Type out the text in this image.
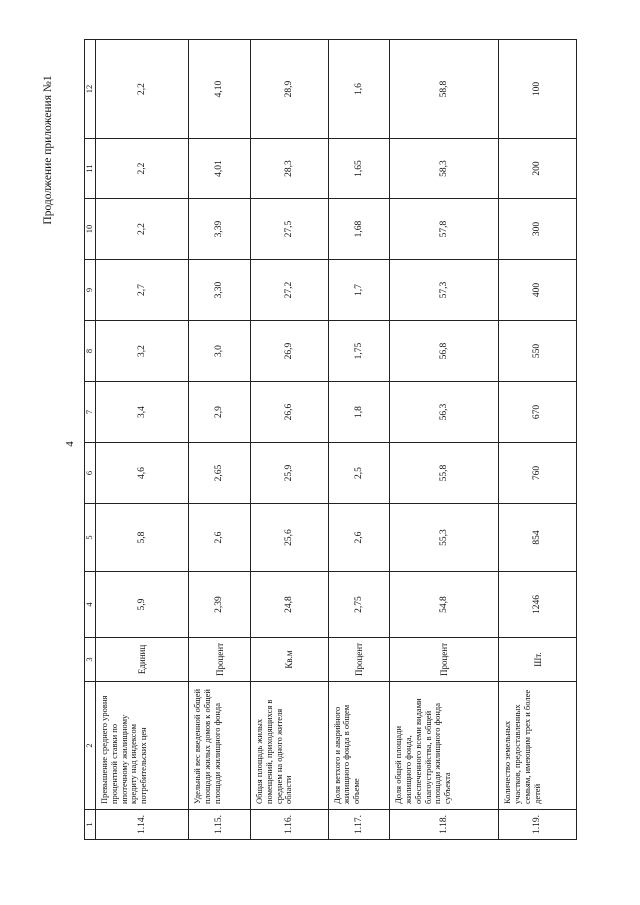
4
Продолжение приложения №1
1	2	3	4	5	6	7	8	9	10	11	12
1.14.	Превышение среднего уровня процентной ставки по ипотечному жилищному кредиту над индексом потребительских цен	Единиц	5,9	5,8	4,6	3,4	3,2	2,7	2,2	2,2	2,2
1.15.	Удельный вес введенной общей площади жилых домов к общей площади жилищного фонда	Процент	2,39	2,6	2,65	2,9	3,0	3,30	3,39	4,01	4,10
1.16.	Общая площадь жилых помещений, приходящихся в среднем на одного жителя области	Кв.м	24,8	25,6	25,9	26,6	26,9	27,2	27,5	28,3	28,9
1.17.	Доля ветхого и аварийного жилищного фонда в общем объеме	Процент	2,75	2,6	2,5	1,8	1,75	1,7	1,68	1,65	1,6
1.18.	Доля общей площади жилищного фонда, обеспеченного всеми видами благоустройства, в общей площади жилищного фонда субъекта	Процент	54,8	55,3	55,8	56,3	56,8	57,3	57,8	58,3	58,8
1.19.	Количество земельных участков, предоставленных семьям, имеющим трех и более детей	Шт.	1246	854	760	670	550	400	300	200	100
